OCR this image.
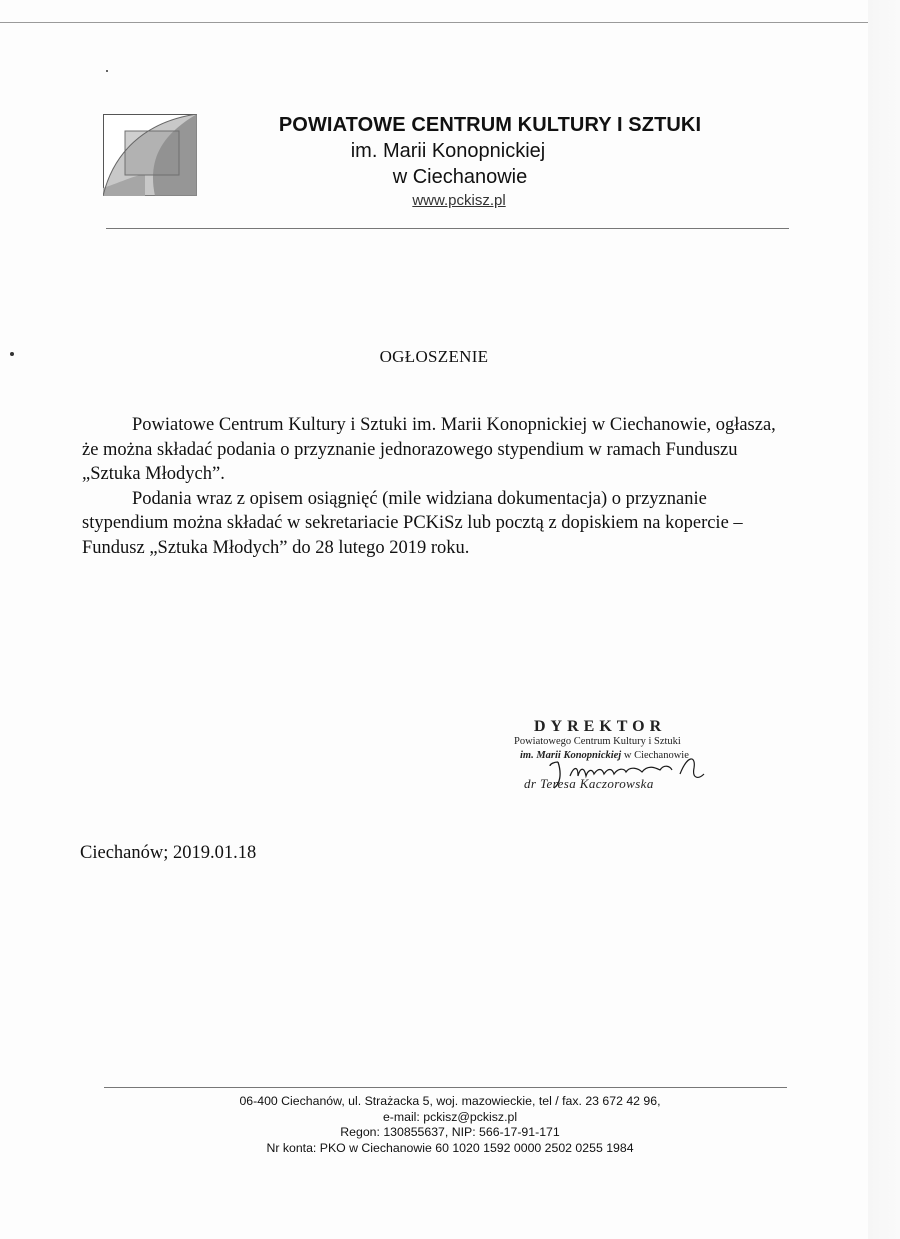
POWIATOWE CENTRUM KULTURY I SZTUKI
im. Marii Konopnickiej
w Ciechanowie
www.pckisz.pl
OGŁOSZENIE

Powiatowe Centrum Kultury i Sztuki im. Marii Konopnickiej w Ciechanowie, ogłasza, że można składać podania o przyznanie jednorazowego stypendium w ramach Funduszu „Sztuka Młodych”.

Podania wraz z opisem osiągnięć (mile widziana dokumentacja) o przyznanie stypendium można składać w sekretariacie PCKiSz lub pocztą z dopiskiem na kopercie – Fundusz „Sztuka Młodych” do 28 lutego 2019 roku.

DYREKTOR
Powiatowego Centrum Kultury i Sztuki
im. Marii Konopnickiej w Ciechanowie
dr Teresa Kaczorowska
Ciechanów; 2019.01.18
06-400 Ciechanów, ul. Strażacka 5, woj. mazowieckie, tel / fax. 23 672 42 96,
e-mail: pckisz@pckisz.pl
Regon: 130855637, NIP: 566-17-91-171
Nr konta: PKO w Ciechanowie 60 1020 1592 0000 2502 0255 1984
